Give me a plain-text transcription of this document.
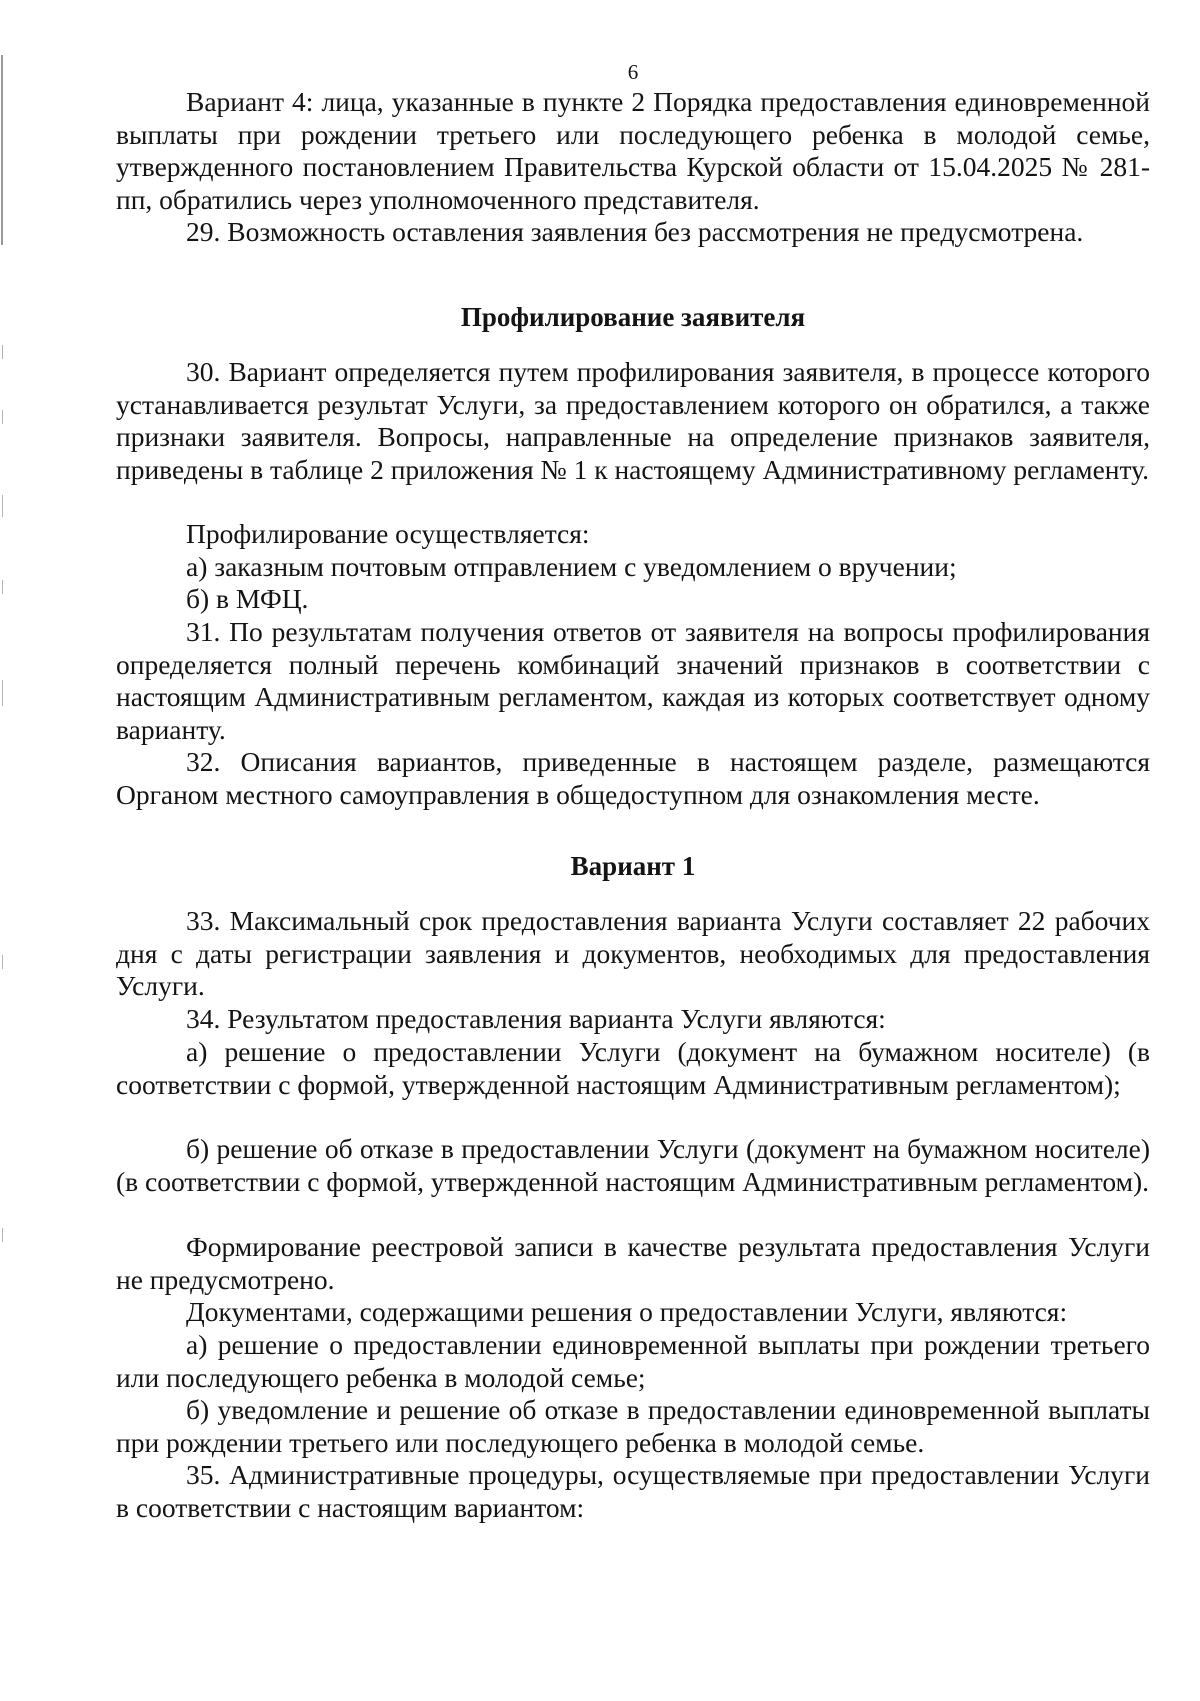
6

Вариант 4: лица, указанные в пункте 2 Порядка предоставления единовременной выплаты при рождении третьего или последующего ребенка в молодой семье, утвержденного постановлением Правительства Курской области от 15.04.2025 № 281-пп, обратились через уполномоченного представителя.

29. Возможность оставления заявления без рассмотрения не предусмотрена.

Профилирование заявителя

30. Вариант определяется путем профилирования заявителя, в процессе которого устанавливается результат Услуги, за предоставлением которого он обратился, а также признаки заявителя. Вопросы, направленные на определение признаков заявителя, приведены в таблице 2 приложения № 1 к настоящему Административному регламенту.

Профилирование осуществляется:

а) заказным почтовым отправлением с уведомлением о вручении;

б) в МФЦ.

31. По результатам получения ответов от заявителя на вопросы профилирования определяется полный перечень комбинаций значений признаков в соответствии с настоящим Административным регламентом, каждая из которых соответствует одному варианту.

32. Описания вариантов, приведенные в настоящем разделе, размещаются Органом местного самоуправления в общедоступном для ознакомления месте.

Вариант 1

33. Максимальный срок предоставления варианта Услуги составляет 22 рабочих дня с даты регистрации заявления и документов, необходимых для предоставления Услуги.

34. Результатом предоставления варианта Услуги являются:

а) решение о предоставлении Услуги (документ на бумажном носителе) (в соответствии с формой, утвержденной настоящим Административным регламентом);

б) решение об отказе в предоставлении Услуги (документ на бумажном носителе) (в соответствии с формой, утвержденной настоящим Административным регламентом).

Формирование реестровой записи в качестве результата предоставления Услуги не предусмотрено.

Документами, содержащими решения о предоставлении Услуги, являются:

а) решение о предоставлении единовременной выплаты при рождении третьего или последующего ребенка в молодой семье;

б) уведомление и решение об отказе в предоставлении единовременной выплаты при рождении третьего или последующего ребенка в молодой семье.

35. Административные процедуры, осуществляемые при предоставлении Услуги в соответствии с настоящим вариантом:
